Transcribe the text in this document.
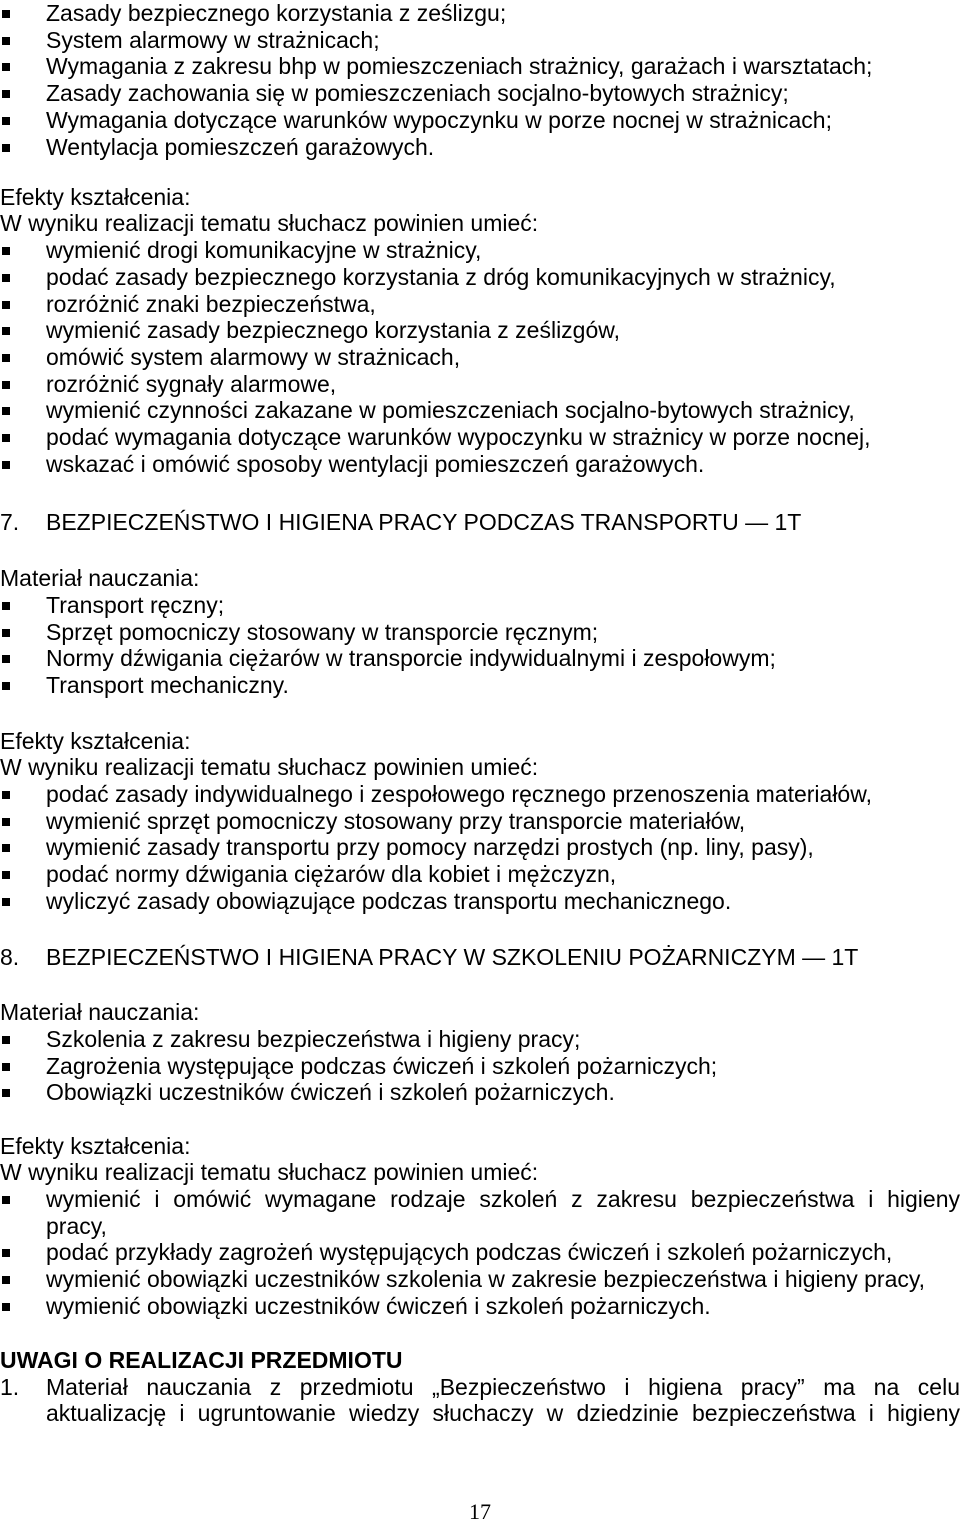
Zasady bezpiecznego korzystania z ześlizgu;
System alarmowy w strażnicach;
Wymagania z zakresu bhp w pomieszczeniach strażnicy, garażach i warsztatach;
Zasady zachowania się w pomieszczeniach socjalno-bytowych strażnicy;
Wymagania dotyczące warunków wypoczynku w porze nocnej w strażnicach;
Wentylacja pomieszczeń garażowych.
Efekty kształcenia:
W wyniku realizacji tematu słuchacz powinien umieć:
wymienić drogi komunikacyjne w strażnicy,
podać zasady bezpiecznego korzystania z dróg komunikacyjnych w strażnicy,
rozróżnić znaki bezpieczeństwa,
wymienić zasady bezpiecznego korzystania z ześlizgów,
omówić system alarmowy w strażnicach,
rozróżnić sygnały alarmowe,
wymienić czynności zakazane w pomieszczeniach socjalno-bytowych strażnicy,
podać wymagania dotyczące warunków wypoczynku w strażnicy w porze nocnej,
wskazać i omówić sposoby wentylacji pomieszczeń garażowych.
7.	BEZPIECZEŃSTWO I HIGIENA PRACY PODCZAS TRANSPORTU — 1T
Materiał nauczania:
Transport ręczny;
Sprzęt pomocniczy stosowany w transporcie ręcznym;
Normy dźwigania ciężarów w transporcie indywidualnymi i zespołowym;
Transport mechaniczny.
Efekty kształcenia:
W wyniku realizacji tematu słuchacz powinien umieć:
podać zasady indywidualnego i zespołowego ręcznego przenoszenia materiałów,
wymienić sprzęt pomocniczy stosowany przy transporcie materiałów,
wymienić zasady transportu przy pomocy narzędzi prostych (np. liny, pasy),
podać normy dźwigania ciężarów dla kobiet i mężczyzn,
wyliczyć zasady obowiązujące podczas transportu mechanicznego.
8.	BEZPIECZEŃSTWO I HIGIENA PRACY W SZKOLENIU POŻARNICZYM — 1T
Materiał nauczania:
Szkolenia z zakresu bezpieczeństwa i higieny pracy;
Zagrożenia występujące podczas ćwiczeń i szkoleń pożarniczych;
Obowiązki uczestników ćwiczeń i szkoleń pożarniczych.
Efekty kształcenia:
W wyniku realizacji tematu słuchacz powinien umieć:
wymienić i omówić wymagane rodzaje szkoleń z zakresu bezpieczeństwa i higieny
pracy,
podać przykłady zagrożeń występujących podczas ćwiczeń i szkoleń pożarniczych,
wymienić obowiązki uczestników szkolenia w zakresie bezpieczeństwa i higieny pracy,
wymienić obowiązki uczestników ćwiczeń i szkoleń pożarniczych.
UWAGI O REALIZACJI PRZEDMIOTU
1.	Materiał nauczania z przedmiotu „Bezpieczeństwo i higiena pracy” ma na celu
aktualizację i ugruntowanie wiedzy słuchaczy w dziedzinie bezpieczeństwa i higieny
17
